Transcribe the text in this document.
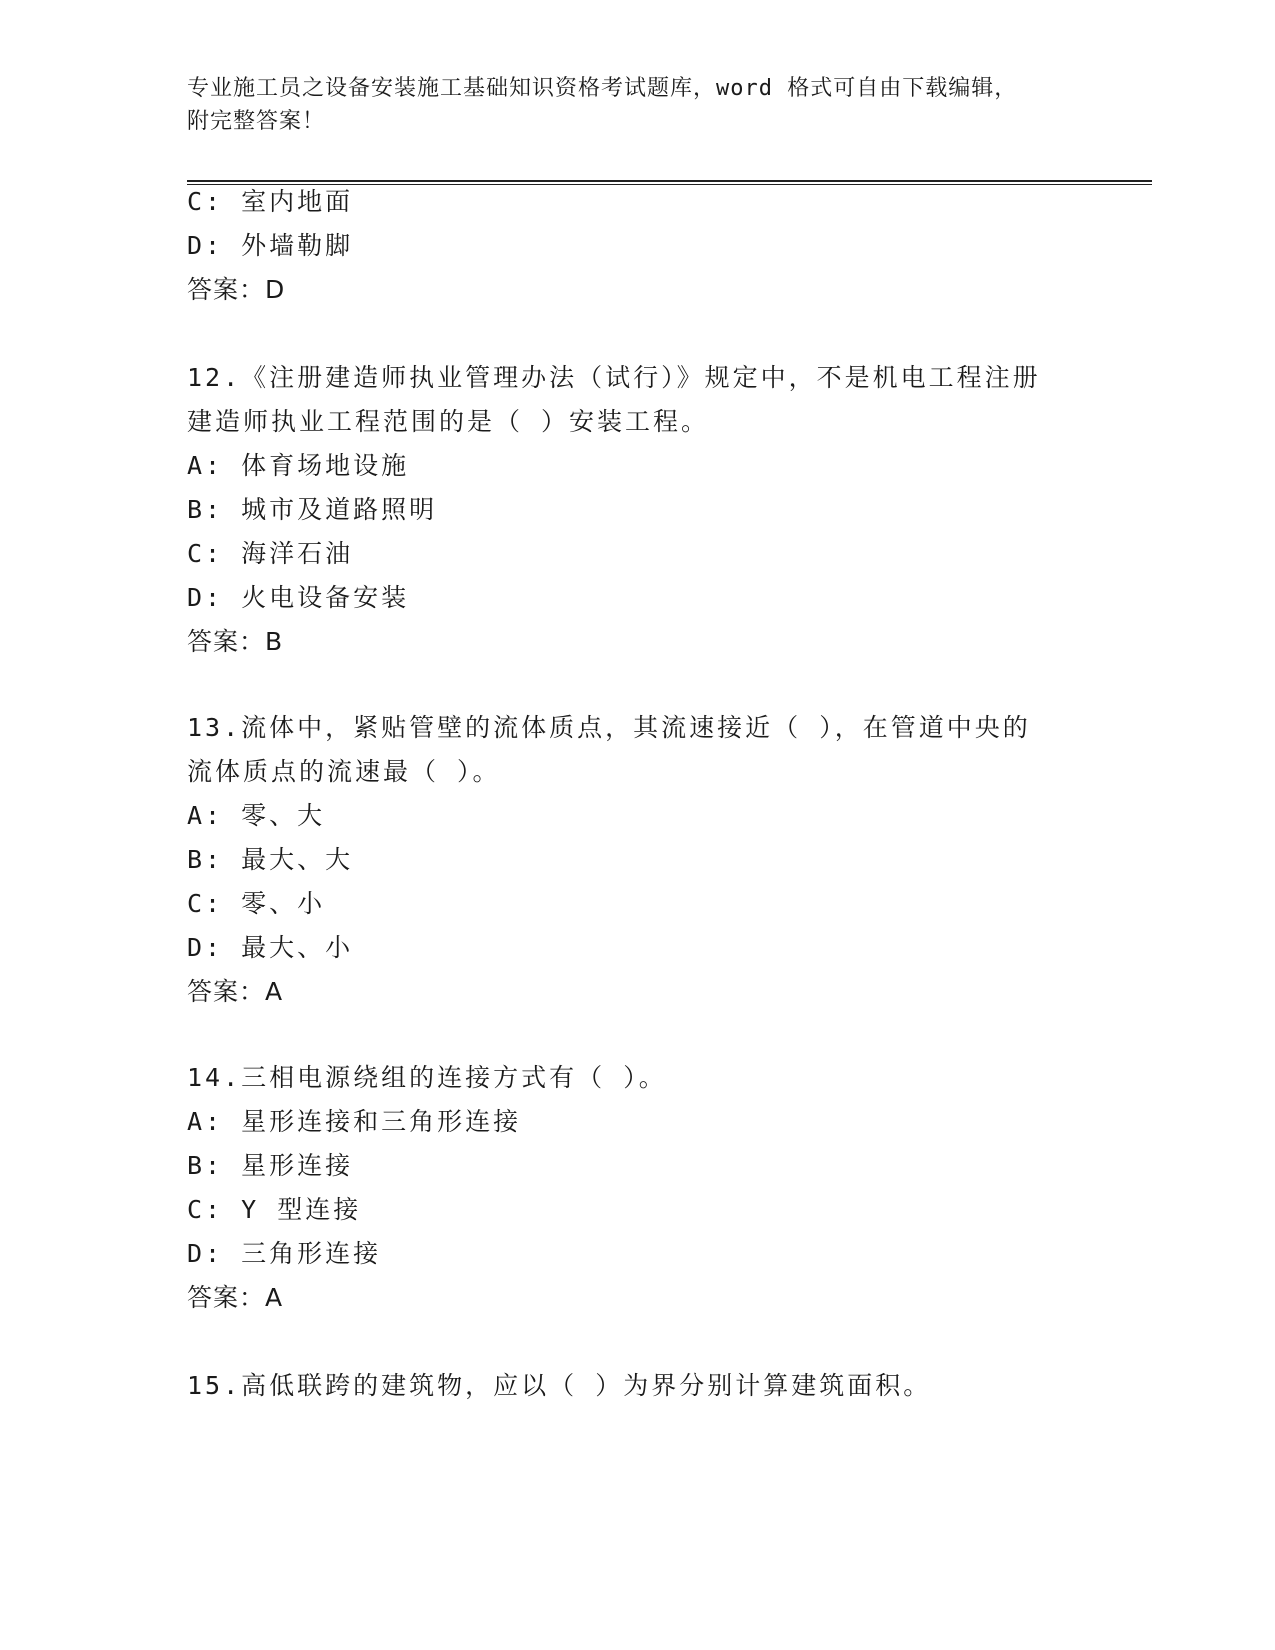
专业施工员之设备安装施工基础知识资格考试题库，word 格式可自由下载编辑，
附完整答案！
C: 室内地面
D: 外墙勒脚
答案：D
12.《注册建造师执业管理办法（试行）》规定中，不是机电工程注册
建造师执业工程范围的是（ ）安装工程。
A: 体育场地设施
B: 城市及道路照明
C: 海洋石油
D: 火电设备安装
答案：B
13.流体中，紧贴管壁的流体质点，其流速接近（ ），在管道中央的
流体质点的流速最（ ）。
A: 零、大
B: 最大、大
C: 零、小
D: 最大、小
答案：A
14.三相电源绕组的连接方式有（ ）。
A: 星形连接和三角形连接
B: 星形连接
C: Y 型连接
D: 三角形连接
答案：A
15.高低联跨的建筑物，应以（ ）为界分别计算建筑面积。
